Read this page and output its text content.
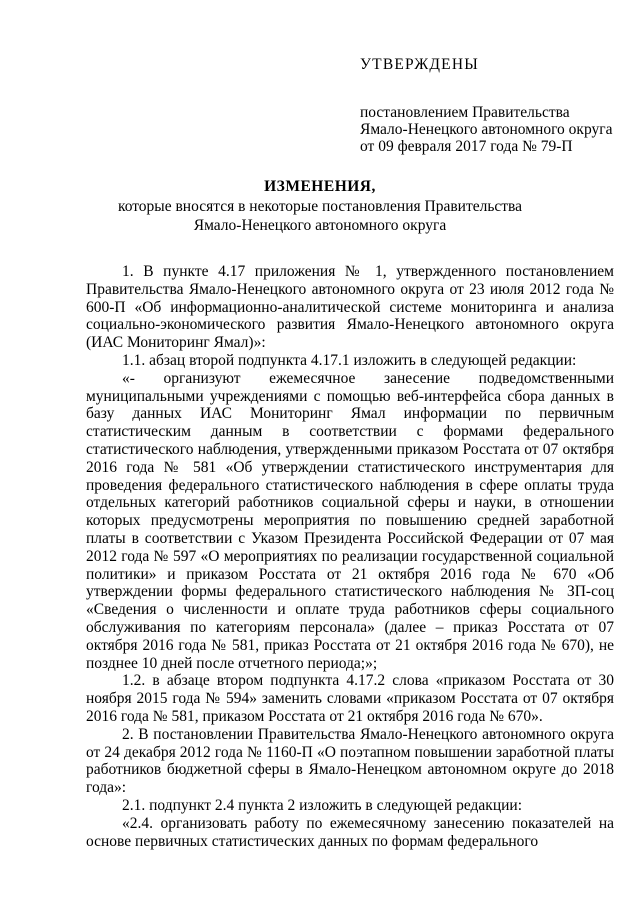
УТВЕРЖДЕНЫ
постановлением Правительства
Ямало-Ненецкого автономного округа
от 09 февраля 2017 года № 79-П
ИЗМЕНЕНИЯ,
которые вносятся в некоторые постановления Правительства
Ямало-Ненецкого автономного округа

1. В пункте 4.17 приложения № 1, утвержденного постановлением Правительства Ямало-Ненецкого автономного округа от 23 июля 2012 года № 600-П «Об информационно-аналитической системе мониторинга и анализа социально-экономического развития Ямало-Ненецкого автономного округа (ИАС Мониторинг Ямал)»:

1.1. абзац второй подпункта 4.17.1 изложить в следующей редакции:

«- организуют ежемесячное занесение подведомственными муниципальными учреждениями с помощью веб-интерфейса сбора данных в базу данных ИАС Мониторинг Ямал информации по первичным статистическим данным в соответствии с формами федерального статистического наблюдения, утвержденными приказом Росстата от 07 октября 2016 года № 581 «Об утверждении статистического инструментария для проведения федерального статистического наблюдения в сфере оплаты труда отдельных категорий работников социальной сферы и науки, в отношении которых предусмотрены мероприятия по повышению средней заработной платы в соответствии с Указом Президента Российской Федерации от 07 мая 2012 года № 597 «О мероприятиях по реализации государственной социальной политики» и приказом Росстата от 21 октября 2016 года № 670 «Об утверждении формы федерального статистического наблюдения № ЗП-соц «Сведения о численности и оплате труда работников сферы социального обслуживания по категориям персонала» (далее – приказ Росстата от 07 октября 2016 года № 581, приказ Росстата от 21 октября 2016 года № 670), не позднее 10 дней после отчетного периода;»;

1.2. в абзаце втором подпункта 4.17.2 слова «приказом Росстата от 30 ноября 2015 года № 594» заменить словами «приказом Росстата от 07 октября 2016 года № 581, приказом Росстата от 21 октября 2016 года № 670».

2. В постановлении Правительства Ямало-Ненецкого автономного округа от 24 декабря 2012 года № 1160-П «О поэтапном повышении заработной платы работников бюджетной сферы в Ямало-Ненецком автономном округе до 2018 года»:

2.1. подпункт 2.4 пункта 2 изложить в следующей редакции:

«2.4. организовать работу по ежемесячному занесению показателей на основе первичных статистических данных по формам федерального
